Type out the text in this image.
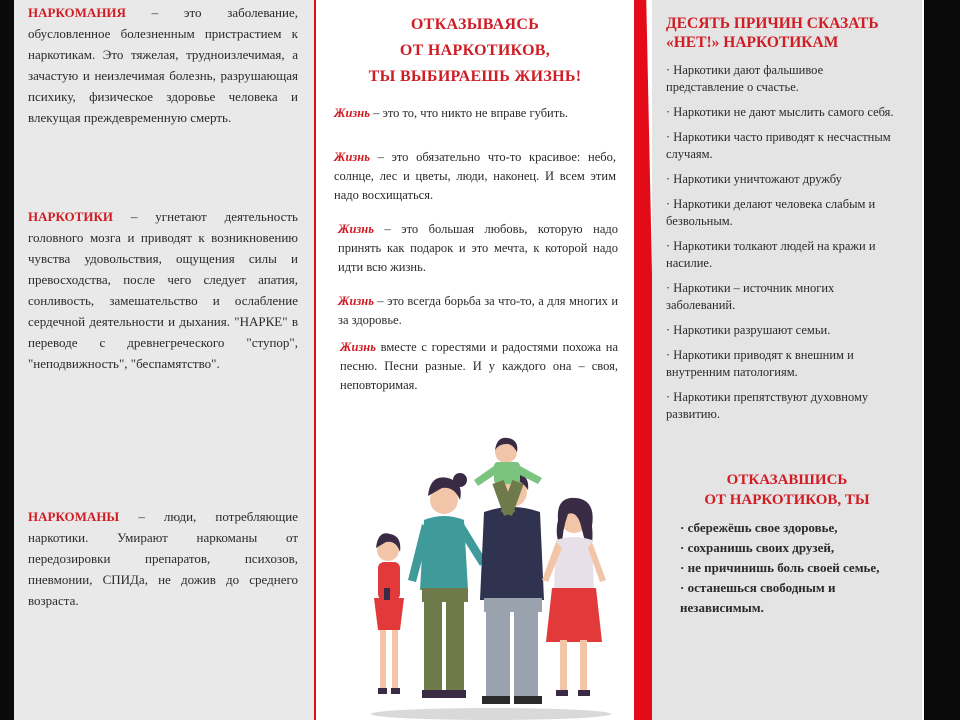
НАРКОМАНИЯ – это заболевание, обусловленное болезненным пристрастием к наркотикам. Это тяжелая, трудноизлечимая, а зачастую и неизлечимая болезнь, разрушающая психику, физическое здоровье человека и влекущая преждевременную смерть.
НАРКОТИКИ – угнетают деятельность головного мозга и приводят к возникновению чувства удовольствия, ощущения силы и превосходства, после чего следует апатия, сонливость, замешательство и ослабление сердечной деятельности и дыхания. "НАРКЕ" в переводе с древнегреческого "ступор", "неподвижность", "беспамятство".
НАРКОМАНЫ – люди, потребляющие наркотики. Умирают наркоманы от передозировки препаратов, психозов, пневмонии, СПИДа, не дожив до среднего возраста.
ОТКАЗЫВАЯСЬ
ОТ НАРКОТИКОВ,
ТЫ ВЫБИРАЕШЬ ЖИЗНЬ!
Жизнь – это то, что никто не вправе губить.
Жизнь – это обязательно что-то красивое: небо, солнце, лес и цветы, люди, наконец. И всем этим надо восхищаться.
Жизнь – это большая любовь, которую надо принять как подарок и это мечта, к которой надо идти всю жизнь.
Жизнь – это всегда борьба за что-то, а для многих и за здоровье.
Жизнь вместе с горестями и радостями похожа на песню. Песни разные. И у каждого она – своя, неповторимая.
ДЕСЯТЬ ПРИЧИН СКАЗАТЬ
«НЕТ!» НАРКОТИКАМ
· Наркотики дают фальшивое представление о счастье.
· Наркотики не дают мыслить самого себя.
· Наркотики часто приводят к несчастным случаям.
· Наркотики уничтожают дружбу
· Наркотики делают человека слабым и безвольным.
· Наркотики толкают людей на кражи и насилие.
· Наркотики – источник многих заболеваний.
· Наркотики разрушают семьи.
· Наркотики приводят к внешним и внутренним патологиям.
· Наркотики препятствуют духовному развитию.
ОТКАЗАВШИСЬ
ОТ НАРКОТИКОВ, ТЫ
· сбережёшь свое здоровье,
· сохранишь своих друзей,
· не причинишь боль своей семье,
· останешься свободным и независимым.
